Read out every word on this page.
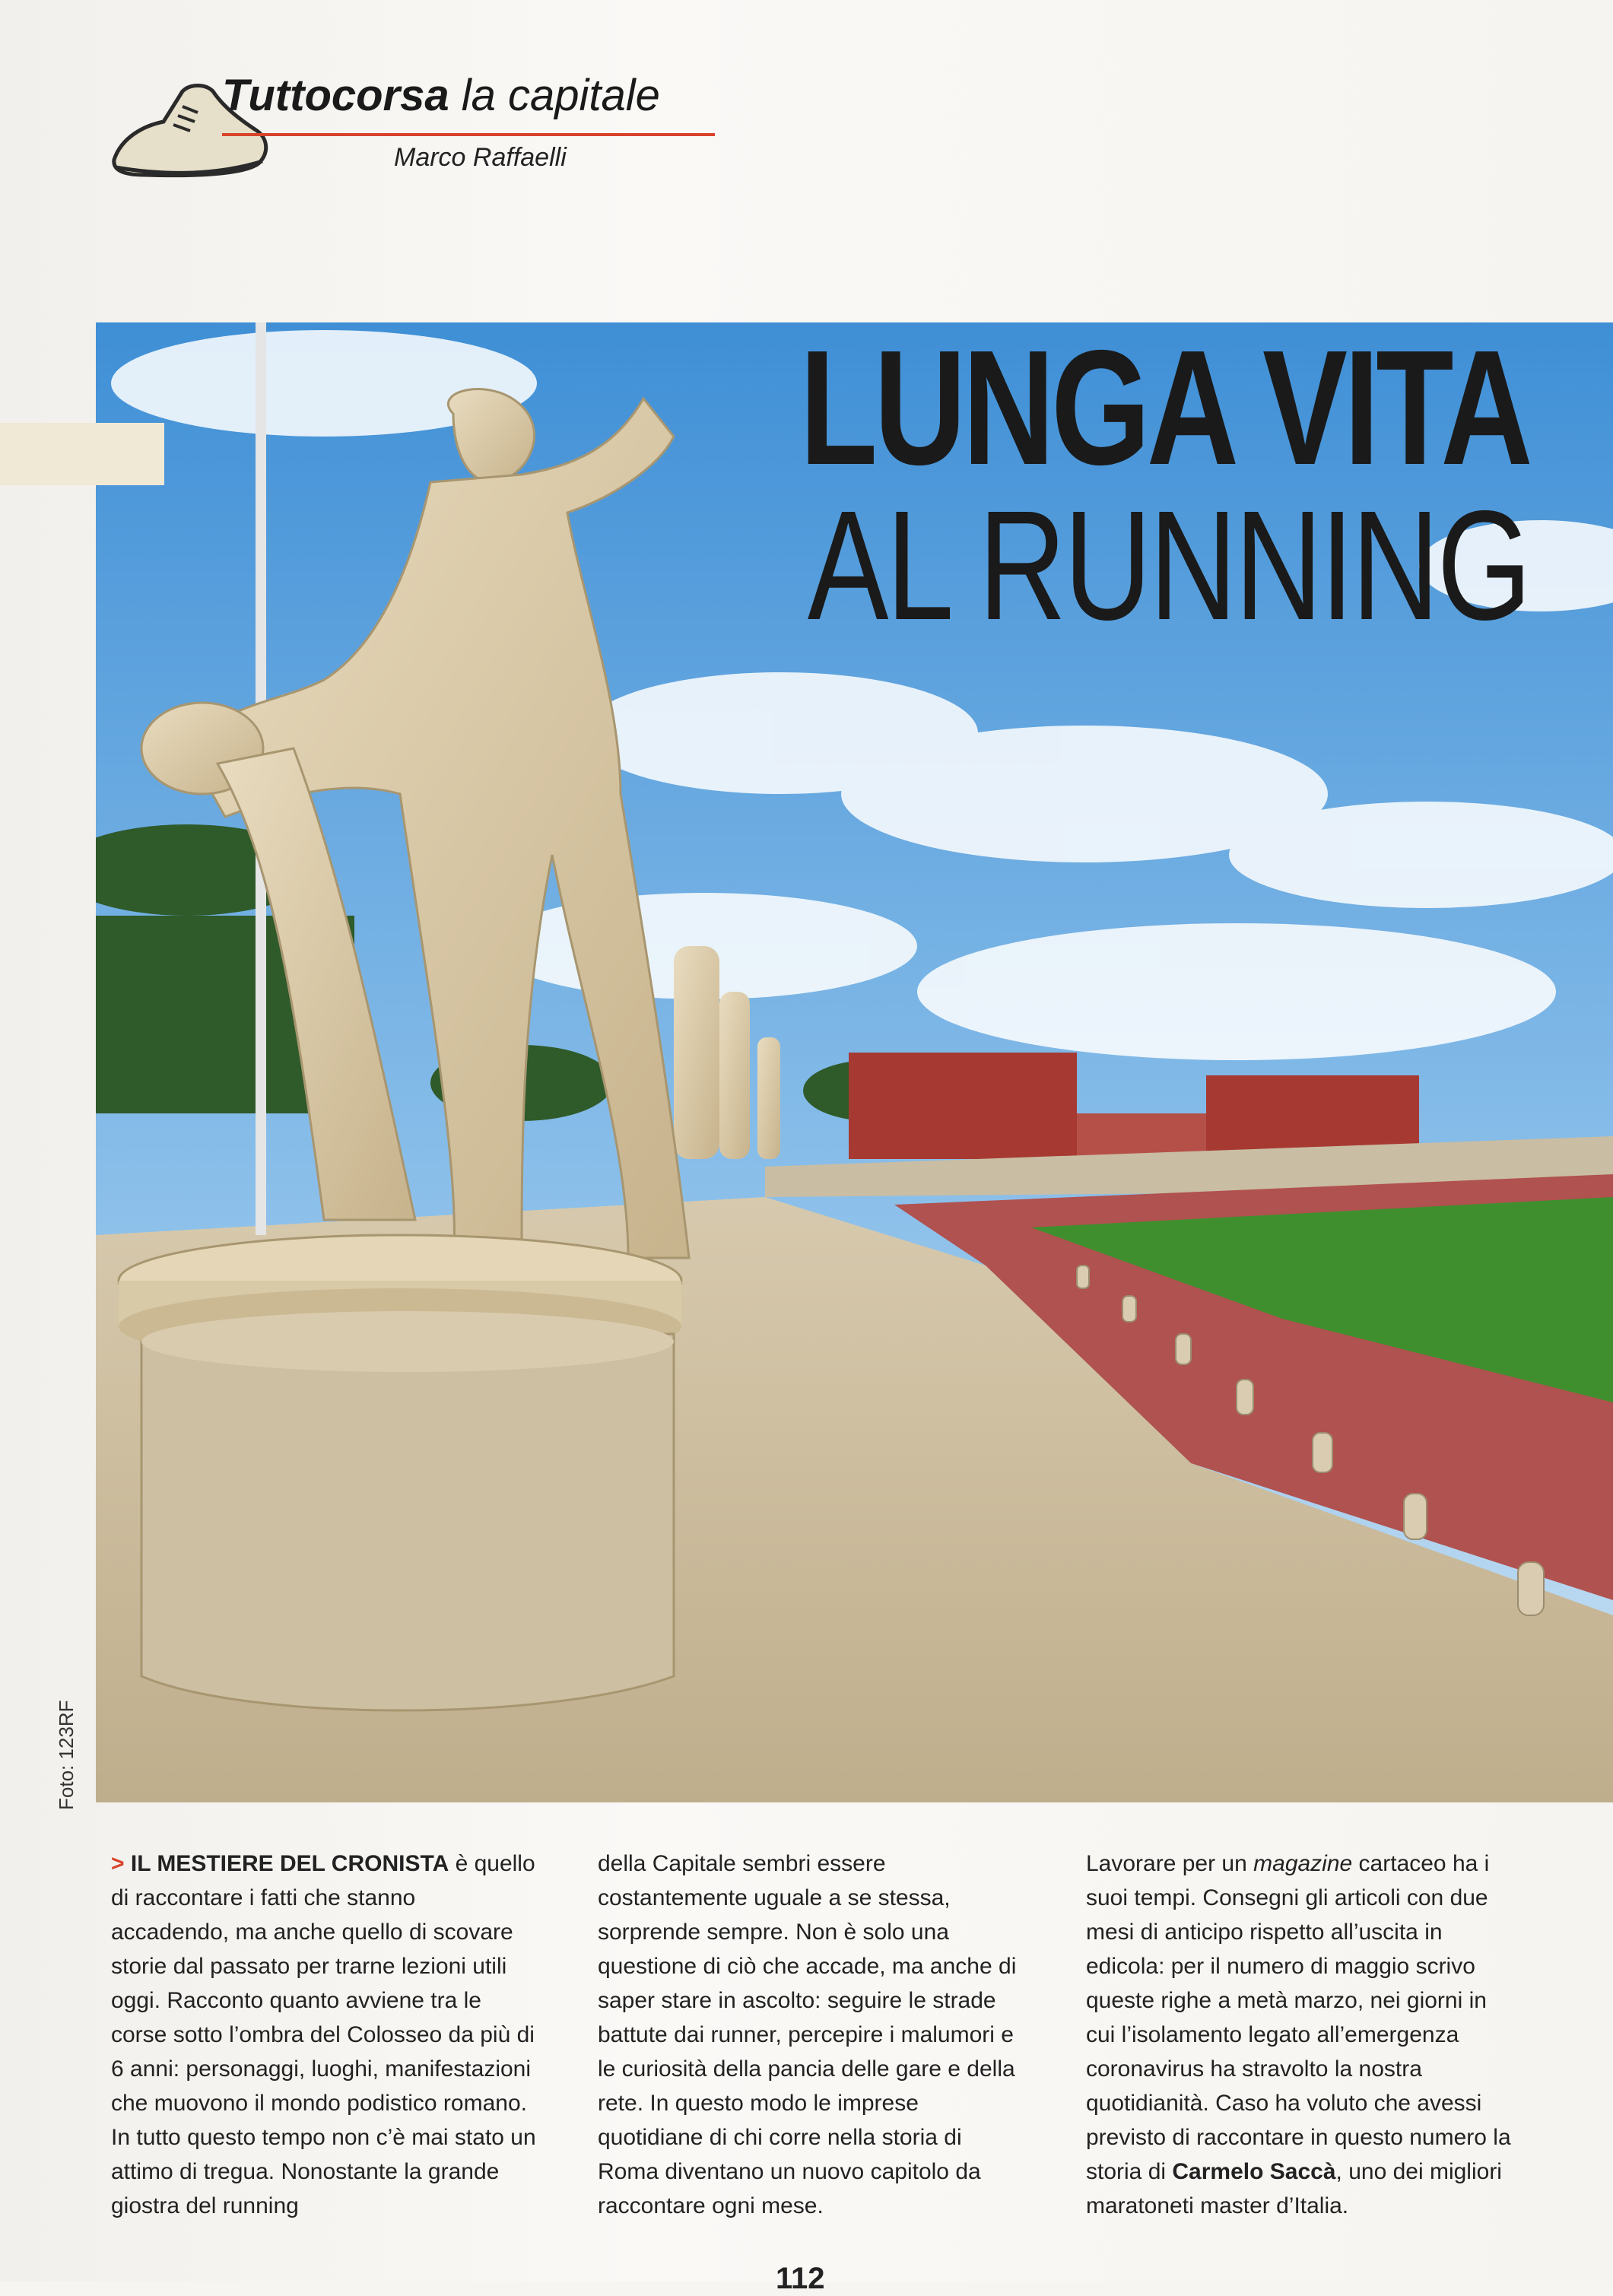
Tuttocorsa la capitale
Marco Raffaelli
LUNGA VITA
AL RUNNING
Foto: 123RF
> IL MESTIERE DEL CRONISTA è quello di raccontare i fatti che stanno accadendo, ma anche quello di scovare storie dal passato per trarne lezioni utili oggi. Racconto quanto avviene tra le corse sotto l’ombra del Colosseo da più di 6 anni: personaggi, luoghi, manifestazioni che muovono il mondo podistico romano. In tutto questo tempo non c’è mai stato un attimo di tregua. Nonostante la grande giostra del running
della Capitale sembri essere costantemente uguale a se stessa, sorprende sempre. Non è solo una questione di ciò che accade, ma anche di saper stare in ascolto: seguire le strade battute dai runner, percepire i malumori e le curiosità della pancia delle gare e della rete. In questo modo le imprese quotidiane di chi corre nella storia di Roma diventano un nuovo capitolo da raccontare ogni mese.
Lavorare per un magazine cartaceo ha i suoi tempi. Consegni gli articoli con due mesi di anticipo rispetto all’uscita in edicola: per il numero di maggio scrivo queste righe a metà marzo, nei giorni in cui l’isolamento legato all’emergenza coronavirus ha stravolto la nostra quotidianità. Caso ha voluto che avessi previsto di raccontare in questo numero la storia di Carmelo Saccà, uno dei migliori maratoneti master d’Italia.
112
